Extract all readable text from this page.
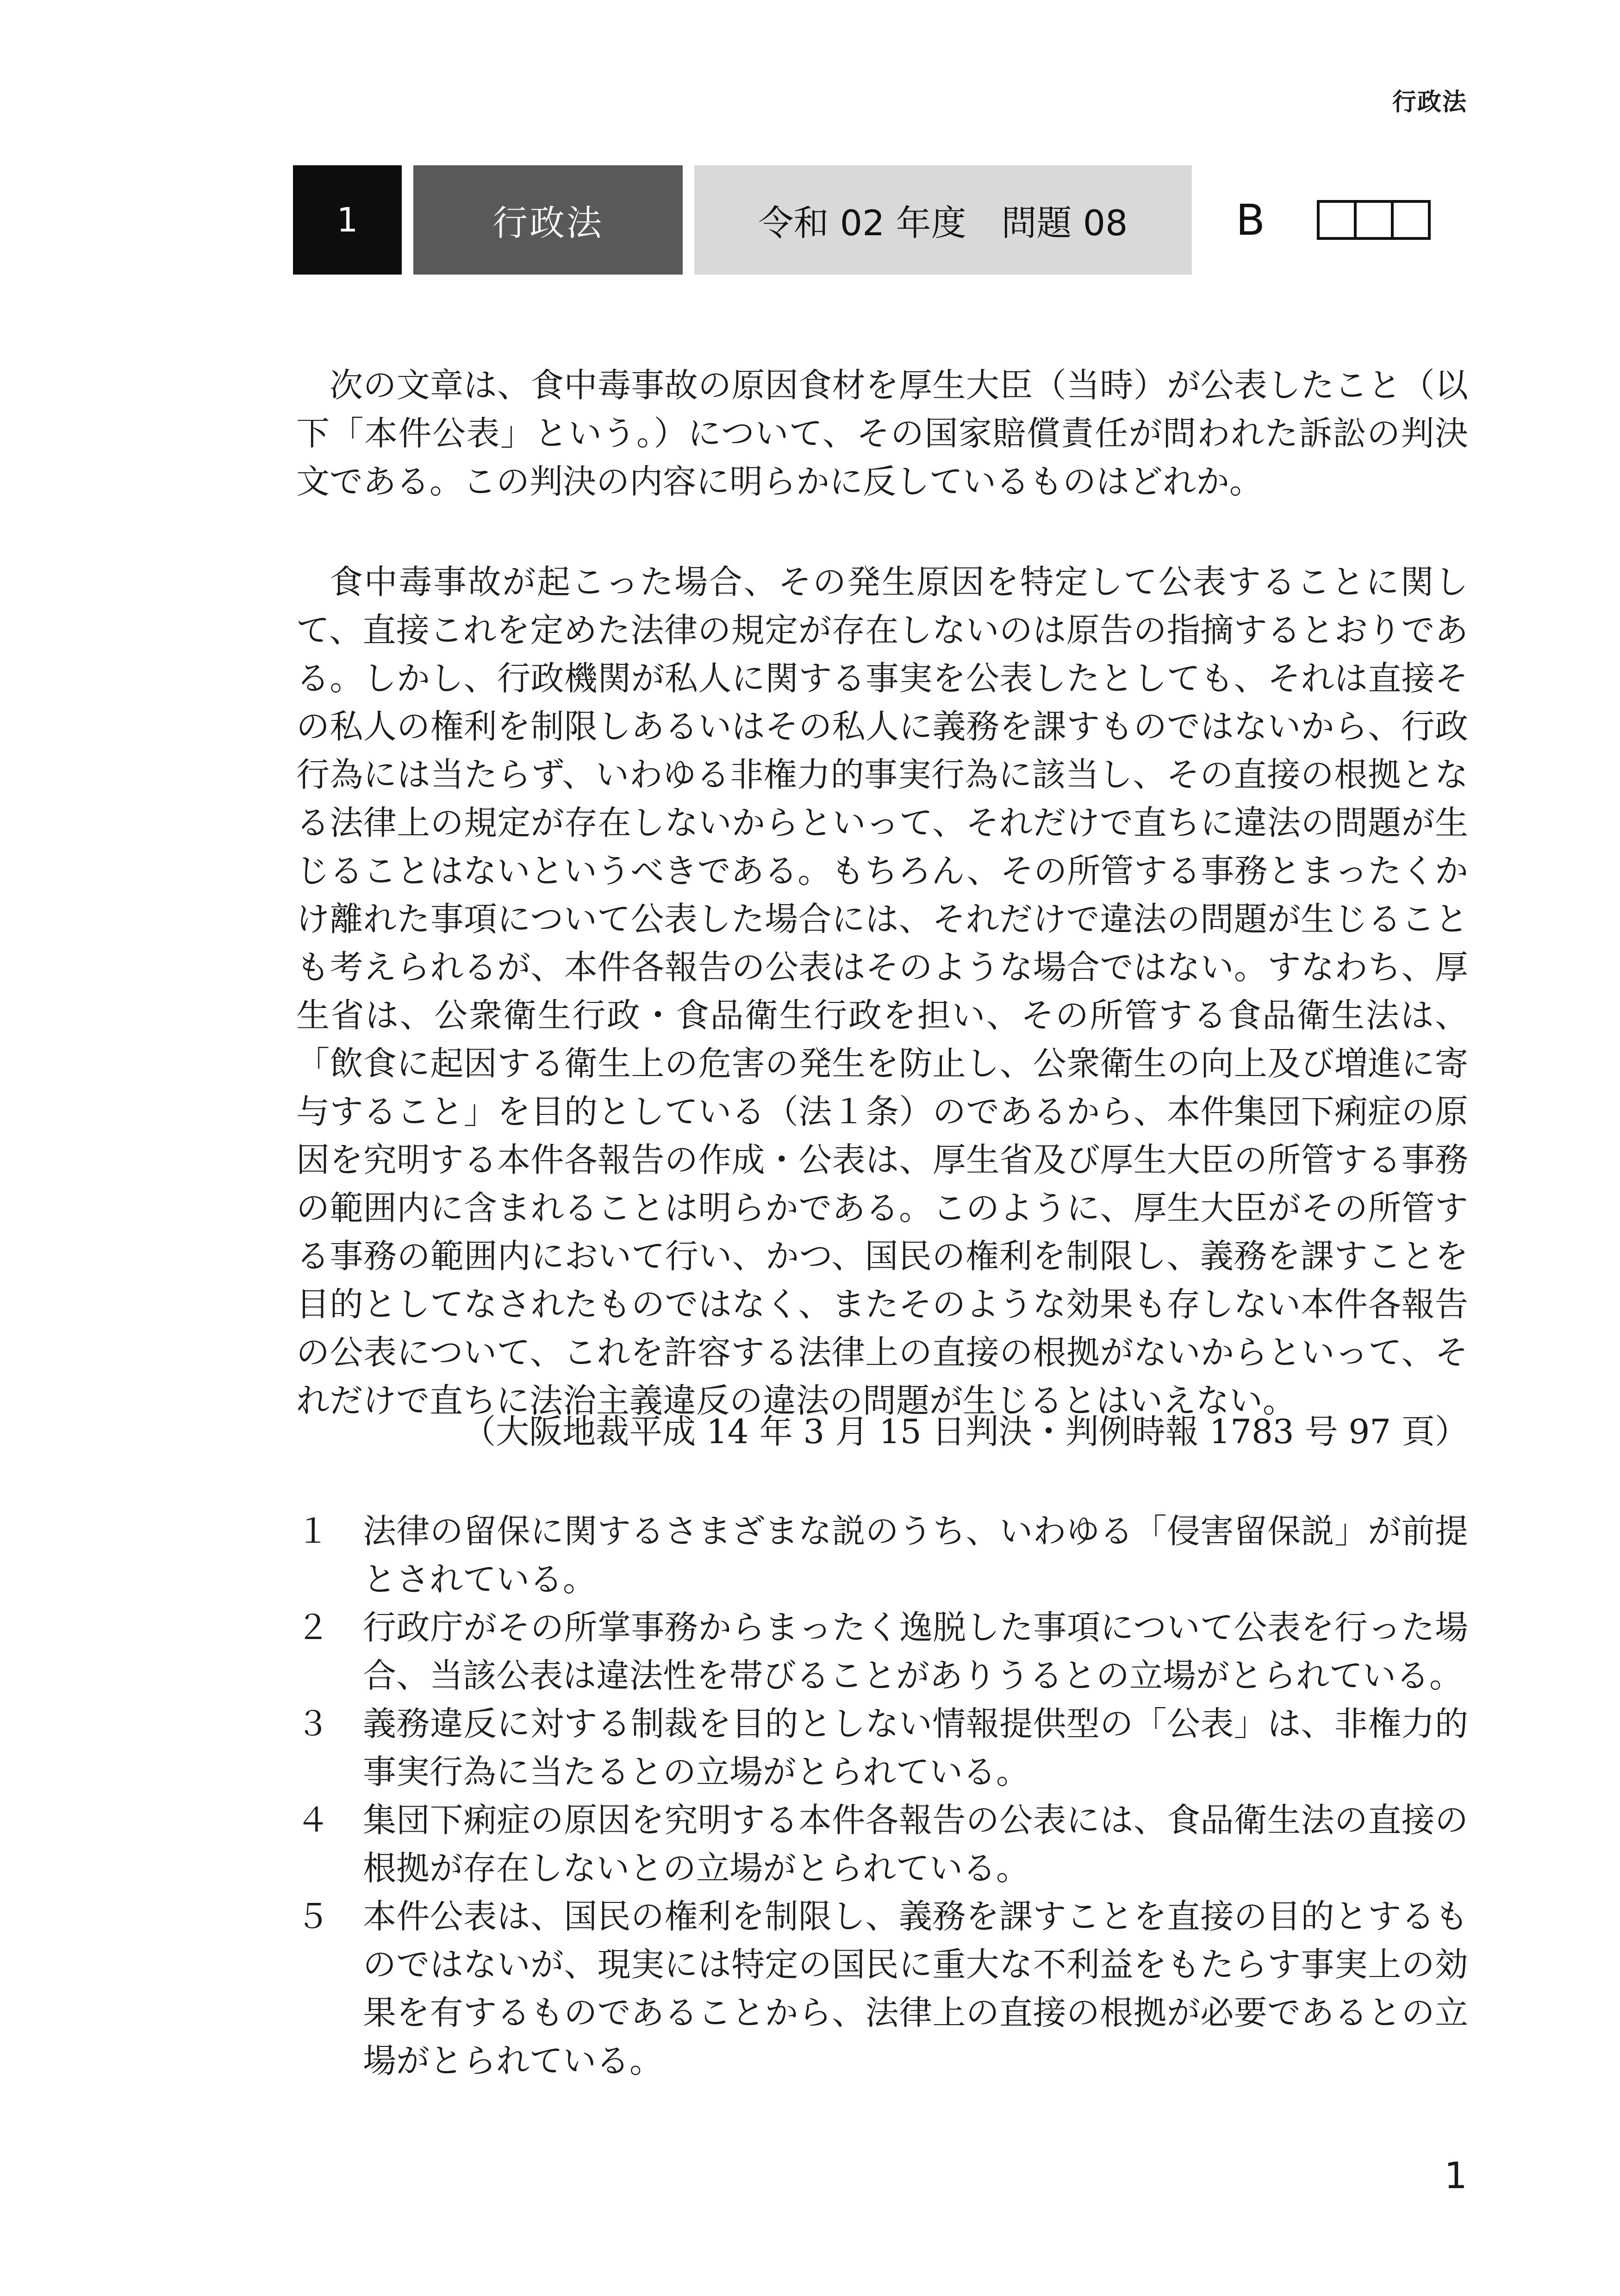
行政法
1	行政法	令和 02 年度　問題 08	B

次の文章は、食中毒事故の原因食材を厚生大臣（当時）が公表したこと（以下「本件公表」という。）について、その国家賠償責任が問われた訴訟の判決文である。この判決の内容に明らかに反しているものはどれか。

食中毒事故が起こった場合、その発生原因を特定して公表することに関して、直接これを定めた法律の規定が存在しないのは原告の指摘するとおりである。しかし、行政機関が私人に関する事実を公表したとしても、それは直接その私人の権利を制限しあるいはその私人に義務を課すものではないから、行政行為には当たらず、いわゆる非権力的事実行為に該当し、その直接の根拠となる法律上の規定が存在しないからといって、それだけで直ちに違法の問題が生じることはないというべきである。もちろん、その所管する事務とまったくかけ離れた事項について公表した場合には、それだけで違法の問題が生じることも考えられるが、本件各報告の公表はそのような場合ではない。すなわち、厚生省は、公衆衛生行政・食品衛生行政を担い、その所管する食品衛生法は、「飲食に起因する衛生上の危害の発生を防止し、公衆衛生の向上及び増進に寄与すること」を目的としている（法１条）のであるから、本件集団下痢症の原因を究明する本件各報告の作成・公表は、厚生省及び厚生大臣の所管する事務の範囲内に含まれることは明らかである。このように、厚生大臣がその所管する事務の範囲内において行い、かつ、国民の権利を制限し、義務を課すことを目的としてなされたものではなく、またそのような効果も存しない本件各報告の公表について、これを許容する法律上の直接の根拠がないからといって、それだけで直ちに法治主義違反の違法の問題が生じるとはいえない。

（大阪地裁平成 14 年 3 月 15 日判決・判例時報 1783 号 97 頁）
１ 法律の留保に関するさまざまな説のうち、いわゆる「侵害留保説」が前提とされている。
２ 行政庁がその所掌事務からまったく逸脱した事項について公表を行った場合、当該公表は違法性を帯びることがありうるとの立場がとられている。
３ 義務違反に対する制裁を目的としない情報提供型の「公表」は、非権力的事実行為に当たるとの立場がとられている。
４ 集団下痢症の原因を究明する本件各報告の公表には、食品衛生法の直接の根拠が存在しないとの立場がとられている。
５ 本件公表は、国民の権利を制限し、義務を課すことを直接の目的とするものではないが、現実には特定の国民に重大な不利益をもたらす事実上の効果を有するものであることから、法律上の直接の根拠が必要であるとの立場がとられている。
1
